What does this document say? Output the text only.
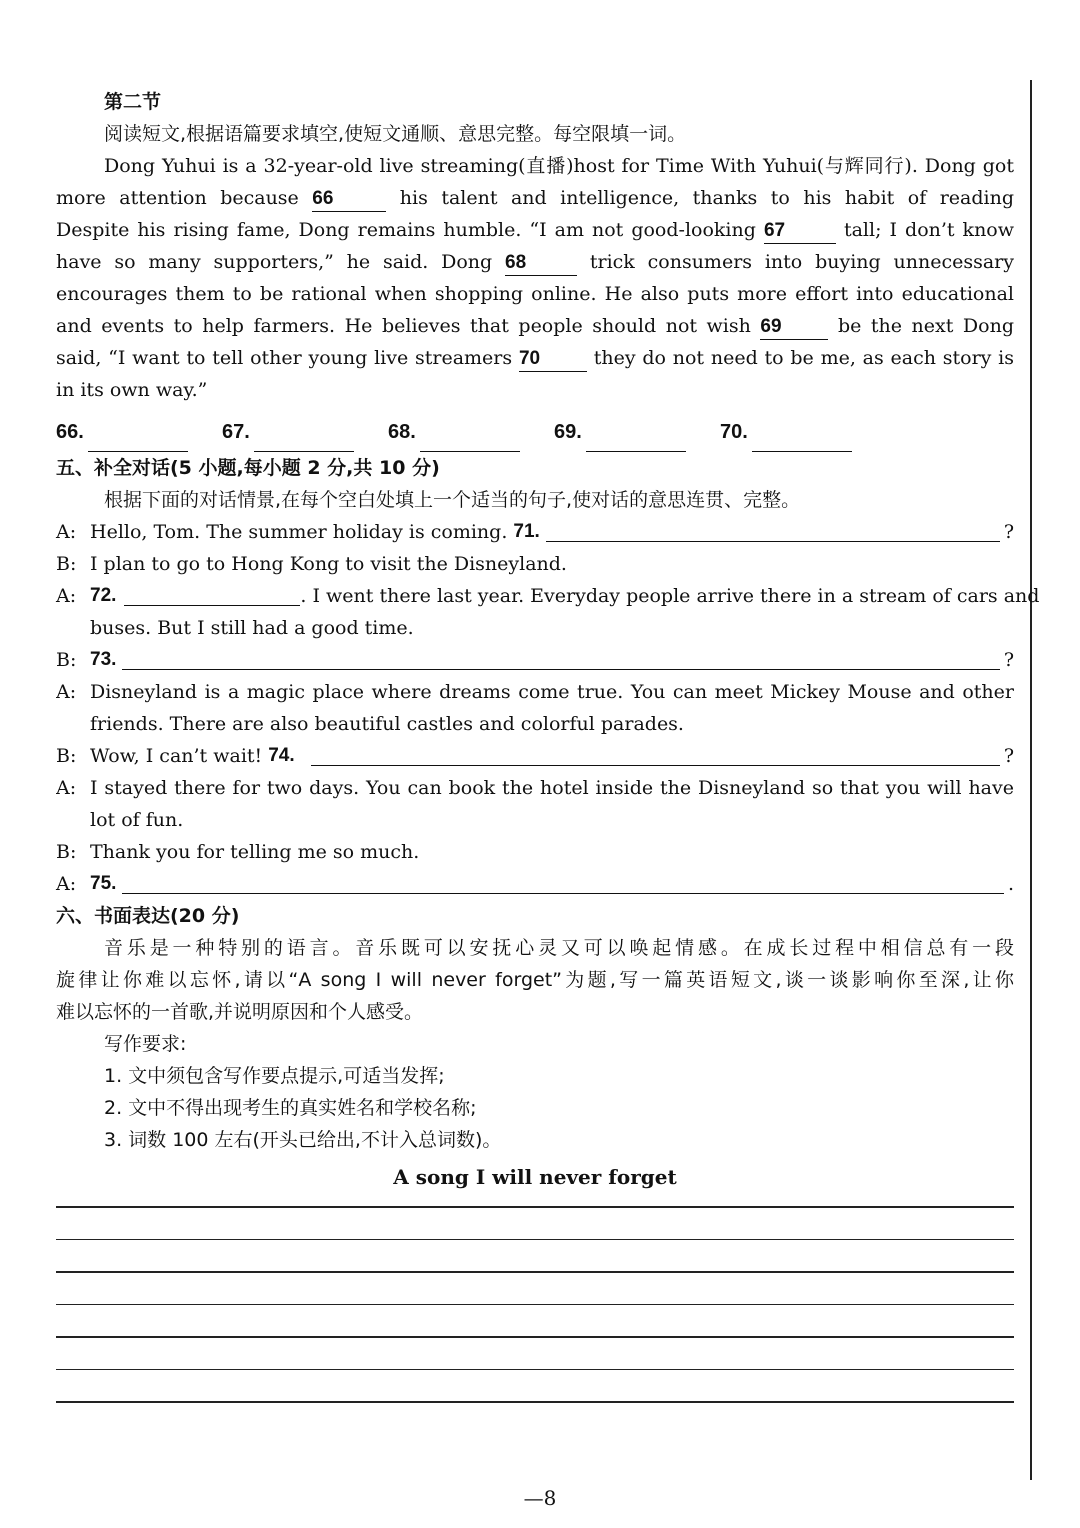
第二节
阅读短文,根据语篇要求填空,使短文通顺、意思完整。每空限填一词。
Dong Yuhui is a 32-year-old live streaming(直播)host for Time With Yuhui(与辉同行). Dong got
more attention because 66	his talent and intelligence, thanks to his habit of reading
Despite his rising fame, Dong remains humble. “I am not good-looking 67	tall; I don’t know
have so many supporters,” he said. Dong 68	trick consumers into buying unnecessary
encourages them to be rational when shopping online. He also puts more effort into educational
and events to help farmers. He believes that people should not wish 69	be the next Dong
said, “I want to tell other young live streamers 70	they do not need to be me, as each story is
in its own way.”
66.	67.	68.	69.	70.
五、补全对话(5 小题,每小题 2 分,共 10 分)
根据下面的对话情景,在每个空白处填上一个适当的句子,使对话的意思连贯、完整。
A: Hello, Tom. The summer holiday is coming.
71.	?
B: I plan to go to Hong Kong to visit the Disneyland.
A: 72.	. I went there last year. Everyday people arrive there in a stream of cars and
buses. But I still had a good time.
B: 73.	?
A: Disneyland is a magic place where dreams come true. You can meet Mickey Mouse and other
friends. There are also beautiful castles and colorful parades.
B: Wow, I can’t wait!
74.	?
A: I stayed there for two days. You can book the hotel inside the Disneyland so that you will have
lot of fun.
B: Thank you for telling me so much.
A: 75.	.
六、书面表达(20 分)
音乐是一种特别的语言。音乐既可以安抚心灵又可以唤起情感。在成长过程中相信总有一段
旋律让你难以忘怀,请以“A song I will never forget”为题,写一篇英语短文,谈一谈影响你至深,让你
难以忘怀的一首歌,并说明原因和个人感受。
写作要求:
1. 文中须包含写作要点提示,可适当发挥;
2. 文中不得出现考生的真实姓名和学校名称;
3. 词数 100 左右(开头已给出,不计入总词数)。
A song I will never forget
—8
